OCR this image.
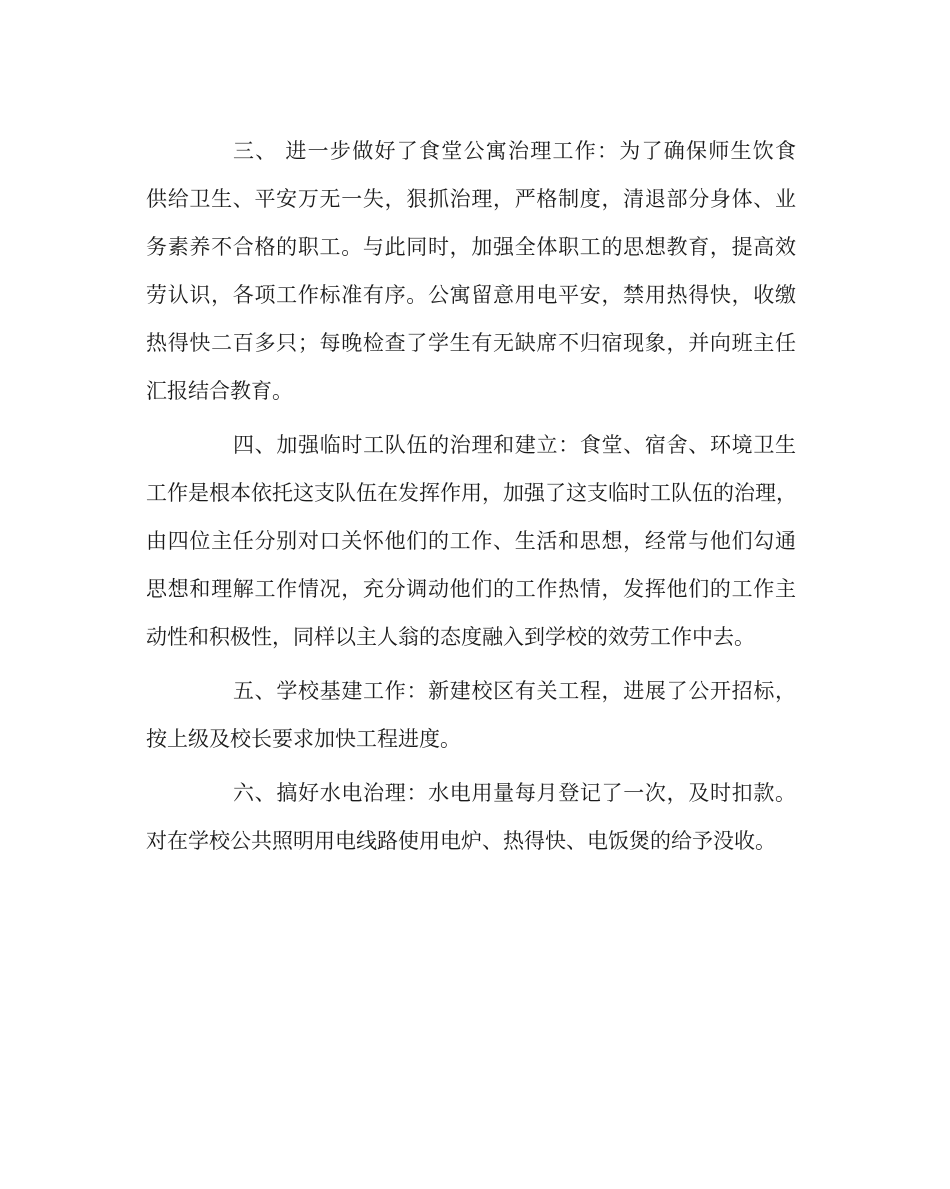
三、 进一步做好了食堂公寓治理工作：为了确保师生饮食
供给卫生、平安万无一失，狠抓治理，严格制度，清退部分身体、业
务素养不合格的职工。与此同时，加强全体职工的思想教育，提高效
劳认识，各项工作标准有序。公寓留意用电平安，禁用热得快，收缴
热得快二百多只；每晚检查了学生有无缺席不归宿现象，并向班主任
汇报结合教育。
四、加强临时工队伍的治理和建立：食堂、宿舍、环境卫生
工作是根本依托这支队伍在发挥作用，加强了这支临时工队伍的治理，
由四位主任分别对口关怀他们的工作、生活和思想，经常与他们勾通
思想和理解工作情况，充分调动他们的工作热情，发挥他们的工作主
动性和积极性，同样以主人翁的态度融入到学校的效劳工作中去。
五、学校基建工作：新建校区有关工程，进展了公开招标，
按上级及校长要求加快工程进度。
六、搞好水电治理：水电用量每月登记了一次，及时扣款。
对在学校公共照明用电线路使用电炉、热得快、电饭煲的给予没收。
